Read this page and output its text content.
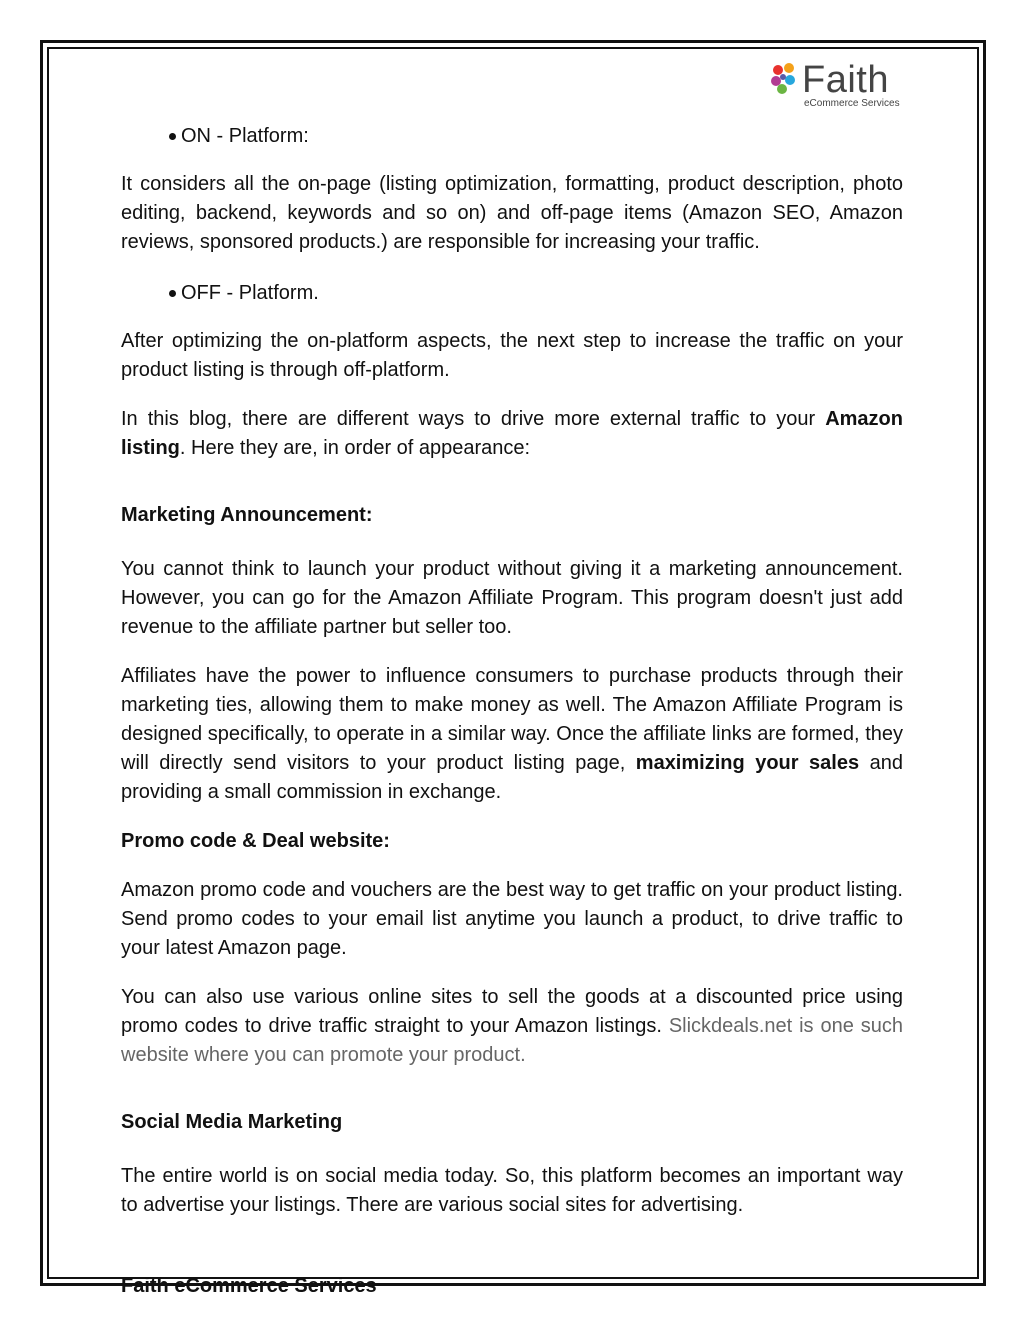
Faith
eCommerce Services
ON - Platform:

It considers all the on-page (listing optimization, formatting, product description, photo editing, backend, keywords and so on) and off-page items (Amazon SEO, Amazon reviews, sponsored products.) are responsible for increasing your traffic.

OFF - Platform.

After optimizing the on-platform aspects, the next step to increase the traffic on your product listing is through off-platform.

In this blog, there are different ways to drive more external traffic to your Amazon listing. Here they are, in order of appearance:

Marketing Announcement:

You cannot think to launch your product without giving it a marketing announcement. However, you can go for the Amazon Affiliate Program. This program doesn't just add revenue to the affiliate partner but seller too.

Affiliates have the power to influence consumers to purchase products through their marketing ties, allowing them to make money as well. The Amazon Affiliate Program is designed specifically, to operate in a similar way. Once the affiliate links are formed, they will directly send visitors to your product listing page, maximizing your sales and providing a small commission in exchange.

Promo code & Deal website:

Amazon promo code and vouchers are the best way to get traffic on your product listing. Send promo codes to your email list anytime you launch a product, to drive traffic to your latest Amazon page.

You can also use various online sites to sell the goods at a discounted price using promo codes to drive traffic straight to your Amazon listings. Slickdeals.net is one such website where you can promote your product.

Social Media Marketing

The entire world is on social media today. So, this platform becomes an important way to advertise your listings. There are various social sites for advertising.

Faith eCommerce Services
